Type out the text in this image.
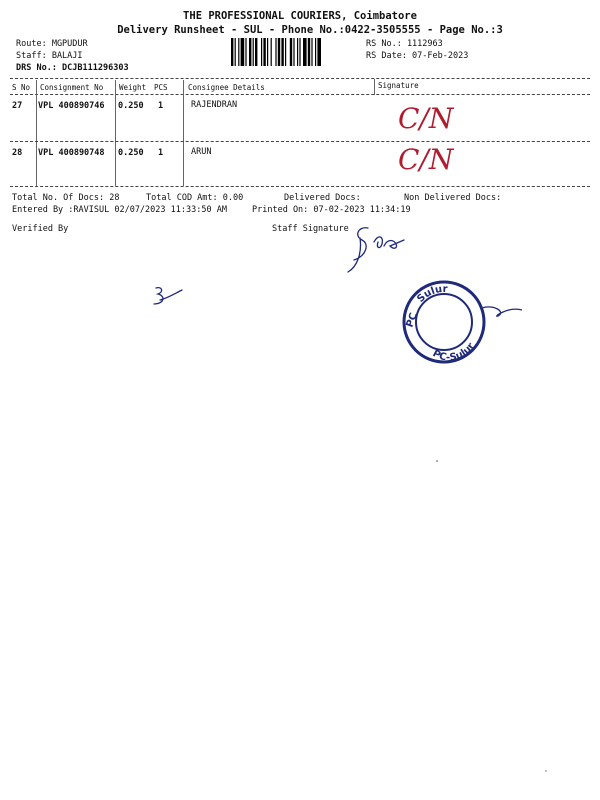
THE PROFESSIONAL COURIERS, Coimbatore
Delivery Runsheet - SUL - Phone No.:0422-3505555 - Page No.:3
Route: MGPUDUR
Staff: BALAJI
DRS No.: DCJB111296303
RS No.: 1112963
RS Date: 07-Feb-2023
S No Consignment No Weight PCS	Consignee Details	Signature
27 VPL 400890746 0.250 1	RAJENDRAN	C/N
28 VPL 400890748 0.250 1	ARUN	C/N
Total No. Of Docs: 28	Total COD Amt: 0.00	Delivered Docs:	Non Delivered Docs:
Entered By :RAVISUL 02/07/2023 11:33:50 AM	Printed On: 07-02-2023 11:34:19
Verified By	Staff Signature
Sulur
PC-Sulur
PC
